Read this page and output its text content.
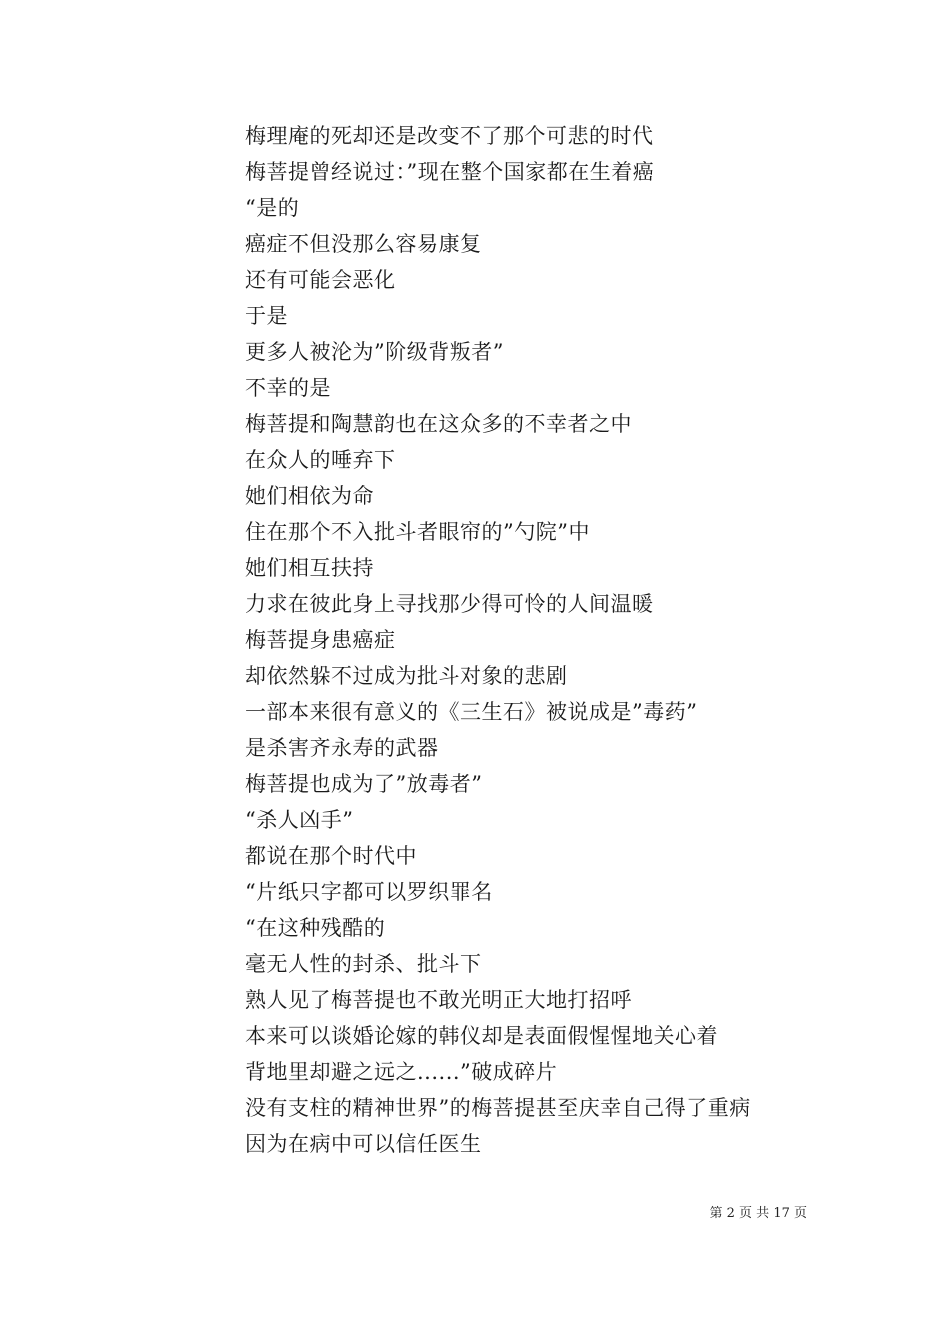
梅理庵的死却还是改变不了那个可悲的时代
梅菩提曾经说过：”现在整个国家都在生着癌
“是的
癌症不但没那么容易康复
还有可能会恶化
于是
更多人被沦为”阶级背叛者”
不幸的是
梅菩提和陶慧韵也在这众多的不幸者之中
在众人的唾弃下
她们相依为命
住在那个不入批斗者眼帘的”勺院”中
她们相互扶持
力求在彼此身上寻找那少得可怜的人间温暖
梅菩提身患癌症
却依然躲不过成为批斗对象的悲剧
一部本来很有意义的《三生石》被说成是”毒药”
是杀害齐永寿的武器
梅菩提也成为了”放毒者”
“杀人凶手”
都说在那个时代中
“片纸只字都可以罗织罪名
“在这种残酷的
毫无人性的封杀、批斗下
熟人见了梅菩提也不敢光明正大地打招呼
本来可以谈婚论嫁的韩仪却是表面假惺惺地关心着
背地里却避之远之......”破成碎片
没有支柱的精神世界”的梅菩提甚至庆幸自己得了重病
因为在病中可以信任医生
第 2 页 共 17 页
